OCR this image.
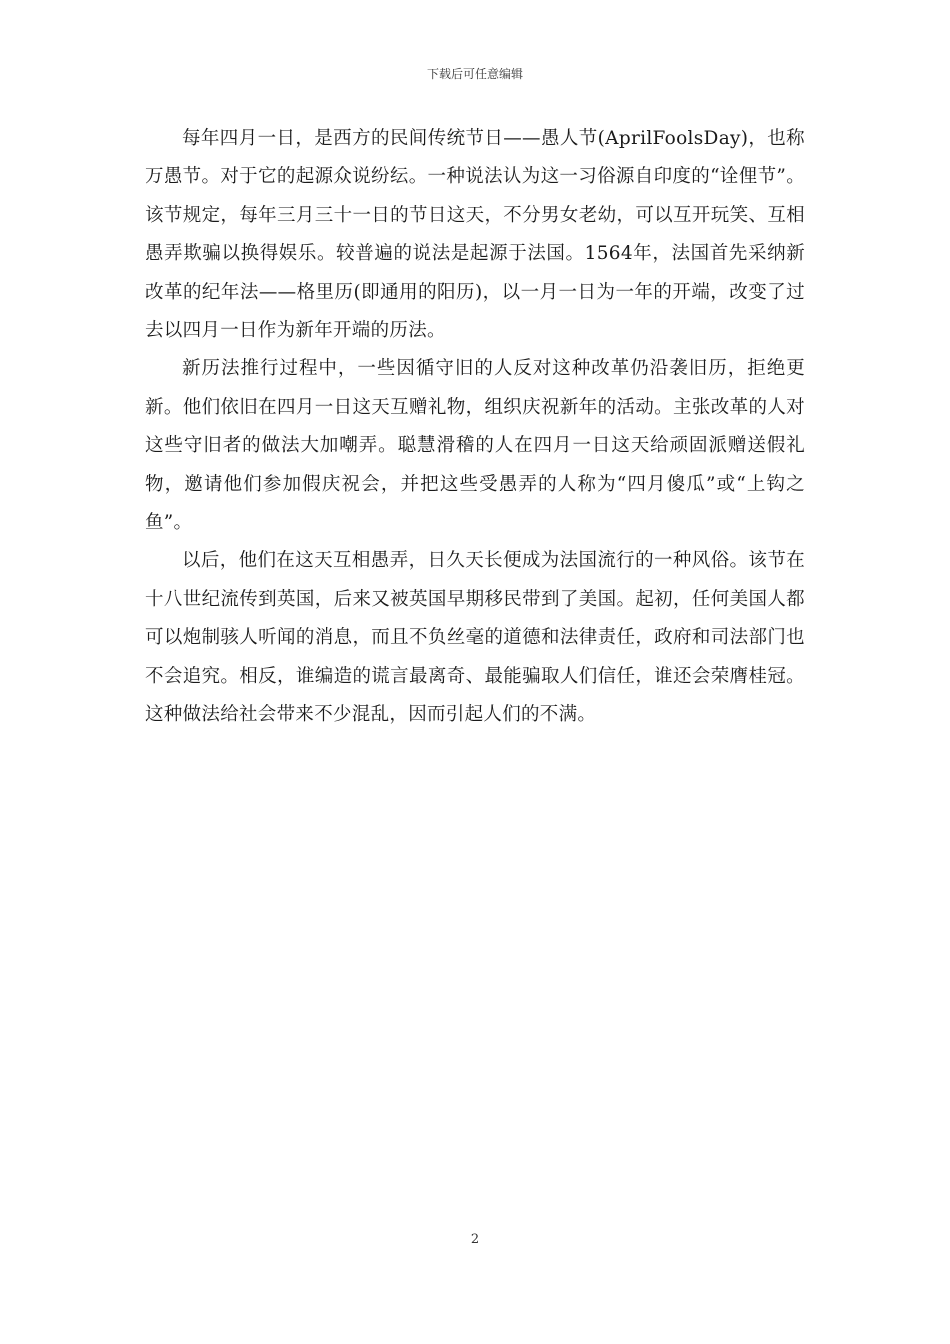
下载后可任意编辑

每年四月一日，是西方的民间传统节日——愚人节(AprilFoolsDay)，也称万愚节。对于它的起源众说纷纭。一种说法认为这一习俗源自印度的“诠俚节”。该节规定，每年三月三十一日的节日这天，不分男女老幼，可以互开玩笑、互相愚弄欺骗以换得娱乐。较普遍的说法是起源于法国。1564年，法国首先采纳新改革的纪年法——格里历(即通用的阳历)，以一月一日为一年的开端，改变了过去以四月一日作为新年开端的历法。

新历法推行过程中，一些因循守旧的人反对这种改革仍沿袭旧历，拒绝更新。他们依旧在四月一日这天互赠礼物，组织庆祝新年的活动。主张改革的人对这些守旧者的做法大加嘲弄。聪慧滑稽的人在四月一日这天给顽固派赠送假礼物，邀请他们参加假庆祝会，并把这些受愚弄的人称为“四月傻瓜”或“上钩之鱼”。

以后，他们在这天互相愚弄，日久天长便成为法国流行的一种风俗。该节在十八世纪流传到英国，后来又被英国早期移民带到了美国。起初，任何美国人都可以炮制骇人听闻的消息，而且不负丝毫的道德和法律责任，政府和司法部门也不会追究。相反，谁编造的谎言最离奇、最能骗取人们信任，谁还会荣膺桂冠。这种做法给社会带来不少混乱，因而引起人们的不满。

2
